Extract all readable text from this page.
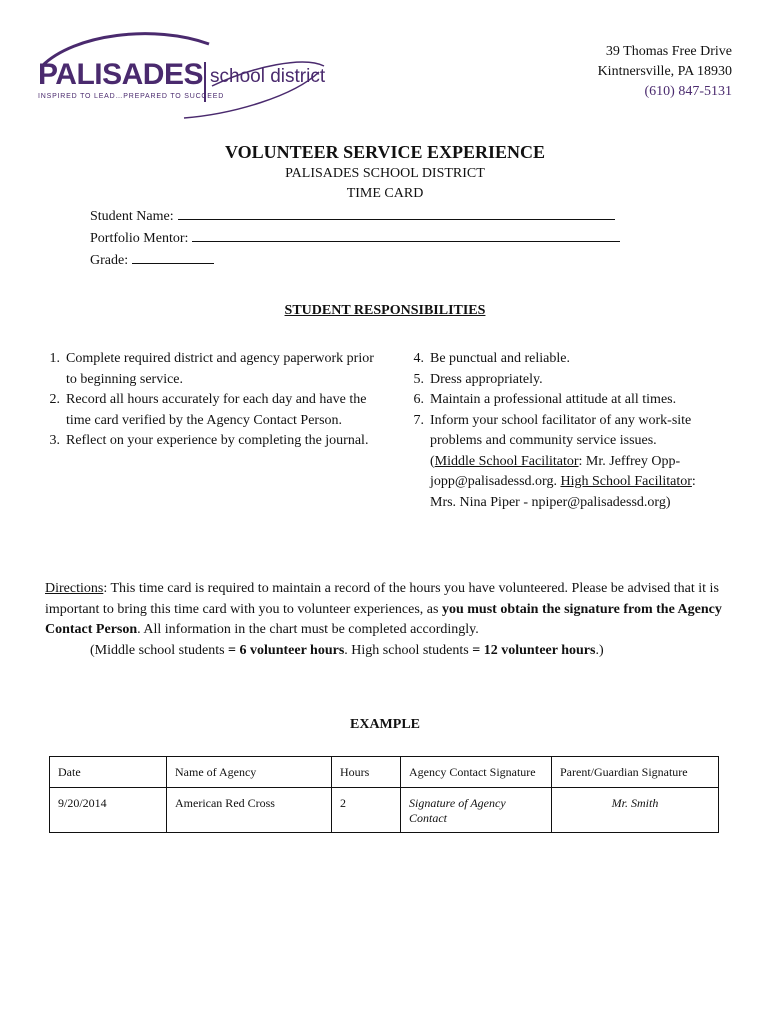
PALISADES school district
INSPIRED TO LEAD…PREPARED TO SUCCEED
39 Thomas Free Drive
Kintnersville, PA 18930
(610) 847-5131
VOLUNTEER SERVICE EXPERIENCE
PALISADES SCHOOL DISTRICT
TIME CARD
Student Name:
Portfolio Mentor:
Grade:
STUDENT RESPONSIBILITIES
1. Complete required district and agency paperwork prior to beginning service.
2. Record all hours accurately for each day and have the time card verified by the Agency Contact Person.
3. Reflect on your experience by completing the journal.
4. Be punctual and reliable.
5. Dress appropriately.
6. Maintain a professional attitude at all times.
7. Inform your school facilitator of any work-site problems and community service issues.
(Middle School Facilitator: Mr. Jeffrey Opp- jopp@palisadessd.org. High School Facilitator: Mrs. Nina Piper - npiper@palisadessd.org)

Directions: This time card is required to maintain a record of the hours you have volunteered. Please be advised that it is important to bring this time card with you to volunteer experiences, as you must obtain the signature from the Agency Contact Person. All information in the chart must be completed accordingly.

(Middle school students = 6 volunteer hours. High school students = 12 volunteer hours.)

EXAMPLE
Date	Name of Agency	Hours	Agency Contact Signature	Parent/Guardian Signature
9/20/2014	American Red Cross	2	Signature of Agency Contact	Mr. Smith
